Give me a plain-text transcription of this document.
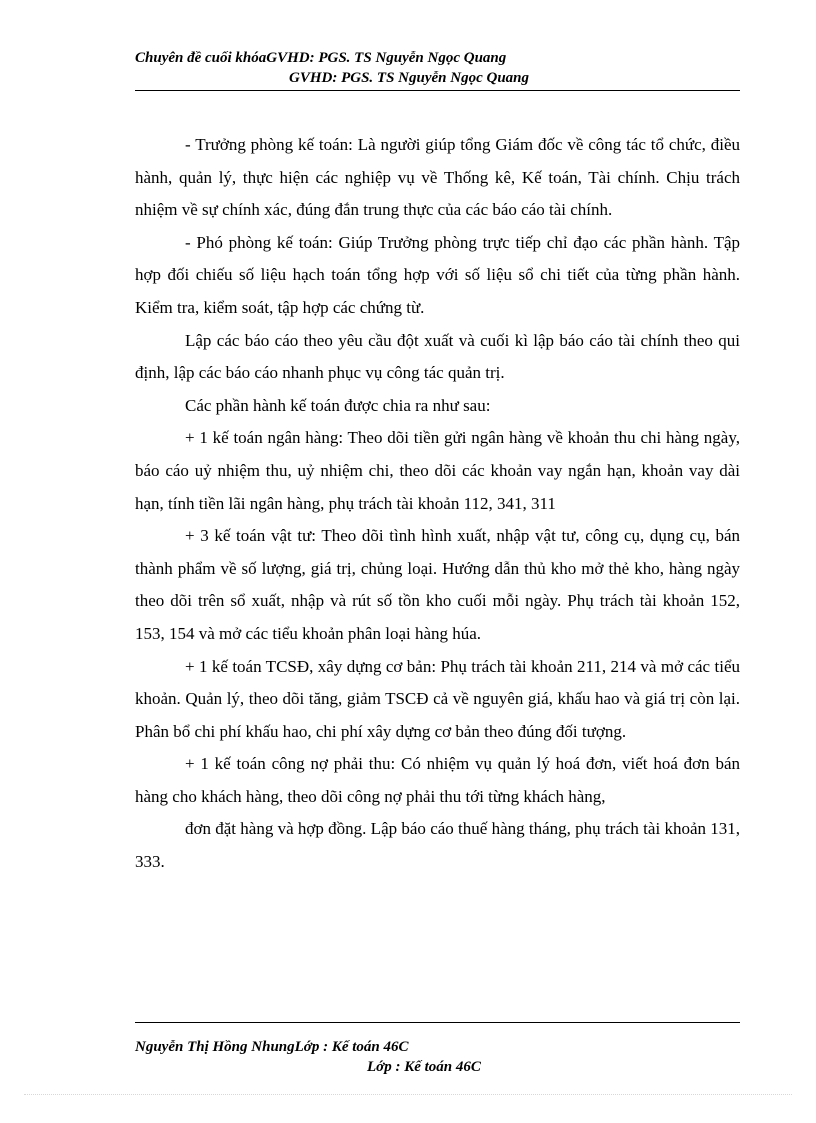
Chuyên đề cuối khóaGVHD: PGS. TS Nguyễn Ngọc Quang
GVHD: PGS. TS Nguyễn Ngọc Quang

- Trưởng phòng kế toán: Là người giúp tổng Giám đốc về công tác tổ chức, điều hành, quản lý, thực hiện các nghiệp vụ về Thống kê, Kế toán, Tài chính. Chịu trách nhiệm về sự chính xác, đúng đắn trung thực của các báo cáo tài chính.

- Phó phòng kế toán: Giúp Trưởng phòng trực tiếp chỉ đạo các phần hành. Tập hợp đối chiếu số liệu hạch toán tổng hợp với số liệu sổ chi tiết của từng phần hành. Kiểm tra, kiểm soát, tập hợp các chứng từ.

Lập các báo cáo theo yêu cầu đột xuất và cuối kì lập báo cáo tài chính theo qui định, lập các báo cáo nhanh phục vụ công tác quản trị.

Các phần hành kế toán được chia ra như sau:

+ 1 kế toán ngân hàng: Theo dõi tiền gửi ngân hàng về khoản thu chi hàng ngày, báo cáo uỷ nhiệm thu, uỷ nhiệm chi, theo dõi các khoản vay ngắn hạn, khoản vay dài hạn, tính tiền lãi ngân hàng, phụ trách tài khoản 112, 341, 311

+ 3 kế toán vật tư: Theo dõi tình hình xuất, nhập vật tư, công cụ, dụng cụ, bán thành phẩm về số lượng, giá trị, chủng loại. Hướng dẫn thủ kho mở thẻ kho, hàng ngày theo dõi trên sổ xuất, nhập và rút số tồn kho cuối mỗi ngày. Phụ trách tài khoản 152, 153, 154 và mở các tiểu khoản phân loại hàng húa.

+ 1 kế toán TCSĐ, xây dựng cơ bản: Phụ trách tài khoản 211, 214 và mở các tiểu khoản. Quản lý, theo dõi tăng, giảm TSCĐ cả về nguyên giá, khấu hao và giá trị còn lại. Phân bổ chi phí khấu hao, chi phí xây dựng cơ bản theo đúng đối tượng.

+ 1 kế toán công nợ phải thu: Có nhiệm vụ quản lý hoá đơn, viết hoá đơn bán hàng cho khách hàng, theo dõi công nợ phải thu tới từng khách hàng,

đơn đặt hàng và hợp đồng. Lập báo cáo thuế hàng tháng, phụ trách tài khoản 131, 333.

Nguyễn Thị Hồng NhungLớp : Kế toán 46C
Lớp : Kế toán 46C
